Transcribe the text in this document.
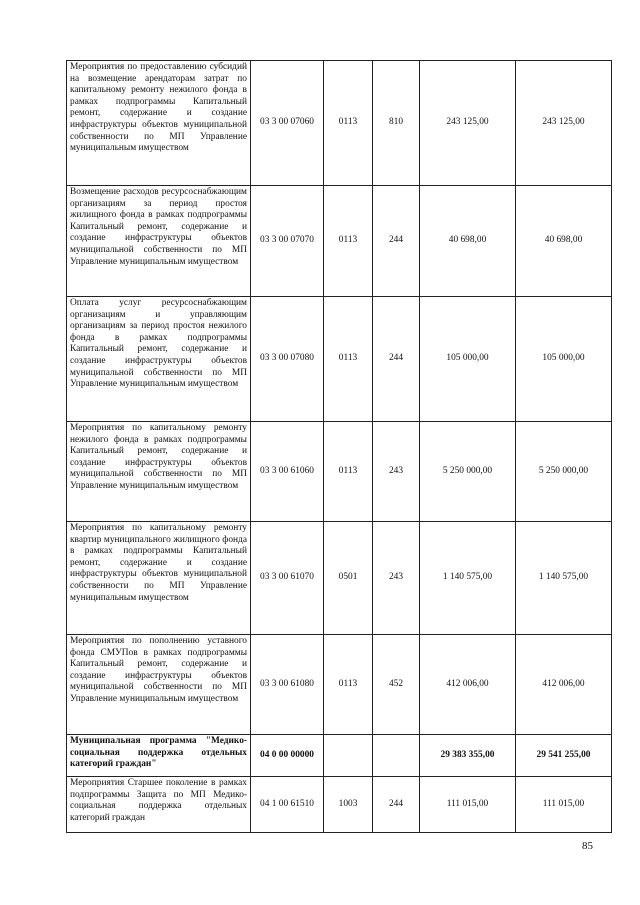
Мероприятия по предоставлению субсидий на возмещение арендаторам затрат по капитальному ремонту нежилого фонда в рамках подпрограммы Капитальный ремонт, содержание и создание инфраструктуры объектов муниципальной собственности по МП Управление муниципальным имуществом	03 3 00 07060	0113	810	243 125,00	243 125,00
Возмещение расходов ресурсоснабжающим организациям за период простоя жилищного фонда в рамках подпрограммы Капитальный ремонт, содержание и создание инфраструктуры объектов муниципальной собственности по МП Управление муниципальным имуществом	03 3 00 07070	0113	244	40 698,00	40 698,00
Оплата услуг ресурсоснабжающим организациям и управляющим организациям за период простоя нежилого фонда в рамках подпрограммы Капитальный ремонт, содержание и создание инфраструктуры объектов муниципальной собственности по МП Управление муниципальным имуществом	03 3 00 07080	0113	244	105 000,00	105 000,00
Мероприятия по капитальному ремонту нежилого фонда в рамках подпрограммы Капитальный ремонт, содержание и создание инфраструктуры объектов муниципальной собственности по МП Управление муниципальным имуществом	03 3 00 61060	0113	243	5 250 000,00	5 250 000,00
Мероприятия по капитальному ремонту квартир муниципального жилищного фонда в рамках подпрограммы Капитальный ремонт, содержание и создание инфраструктуры объектов муниципальной собственности по МП Управление муниципальным имуществом	03 3 00 61070	0501	243	1 140 575,00	1 140 575,00
Мероприятия по пополнению уставного фонда СМУПов в рамках подпрограммы Капитальный ремонт, содержание и создание инфраструктуры объектов муниципальной собственности по МП Управление муниципальным имуществом	03 3 00 61080	0113	452	412 006,00	412 006,00
Муниципальная программа "Медико-социальная поддержка отдельных категорий граждан"	04 0 00 00000			29 383 355,00	29 541 255,00
Мероприятия Старшее поколение в рамках подпрограммы Защита по МП Медико-социальная поддержка отдельных категорий граждан	04 1 00 61510	1003	244	111 015,00	111 015,00
85
